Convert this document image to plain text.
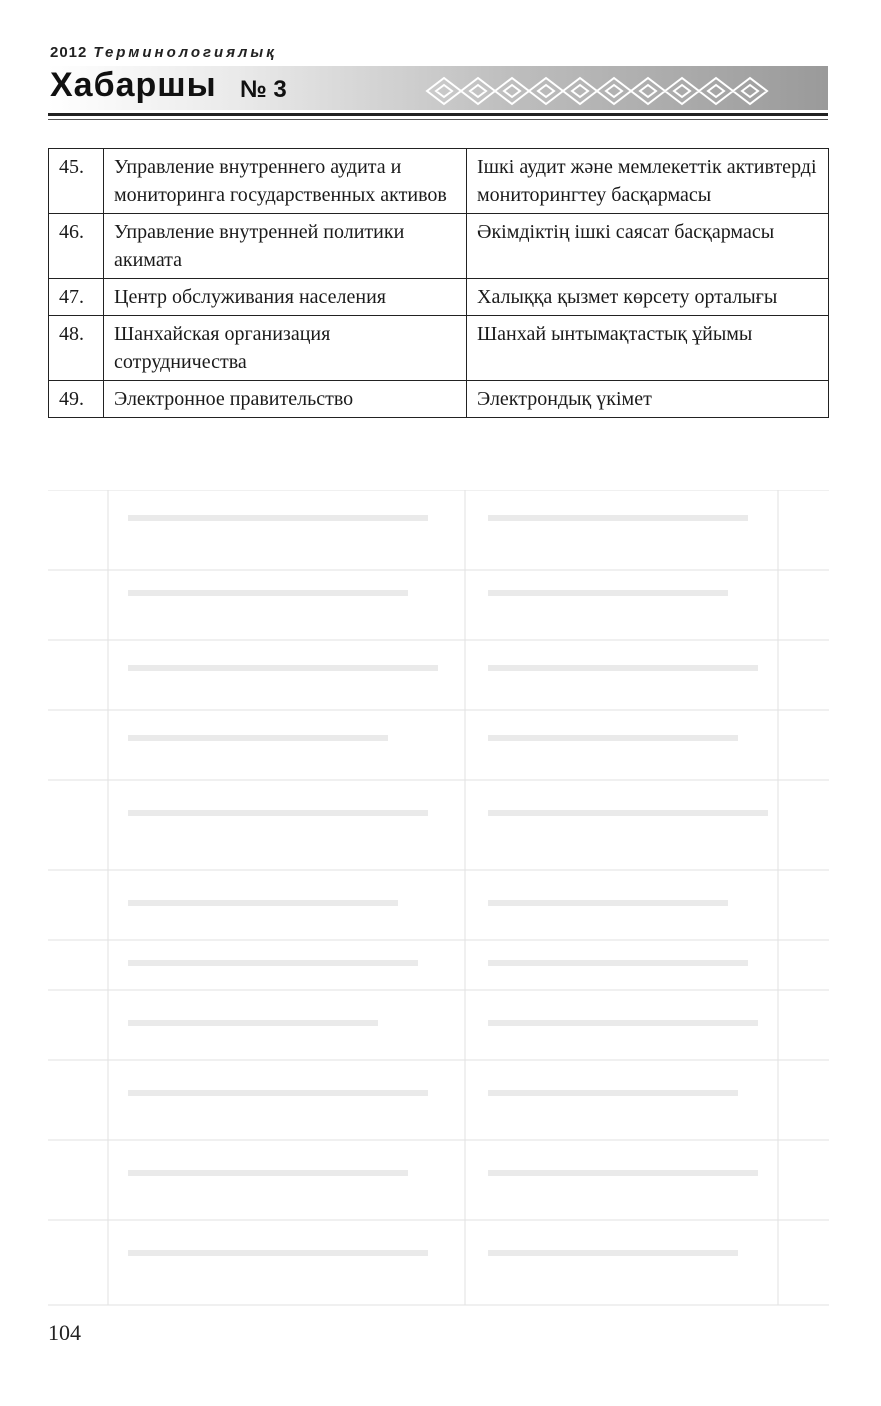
2012 Терминологиялық
Хабаршы № 3
45.	Управление внутреннего аудита и мониторинга государственных активов	Ішкі аудит және мемлекеттік активтерді мониторингтеу басқармасы
46.	Управление внутренней политики акимата	Әкімдіктің ішкі саясат басқармасы
47.	Центр обслуживания населения	Халыққа қызмет көрсету орталығы
48.	Шанхайская организация сотрудничества	Шанхай ынтымақтастық ұйымы
49.	Электронное правительство	Электрондық үкімет
104
